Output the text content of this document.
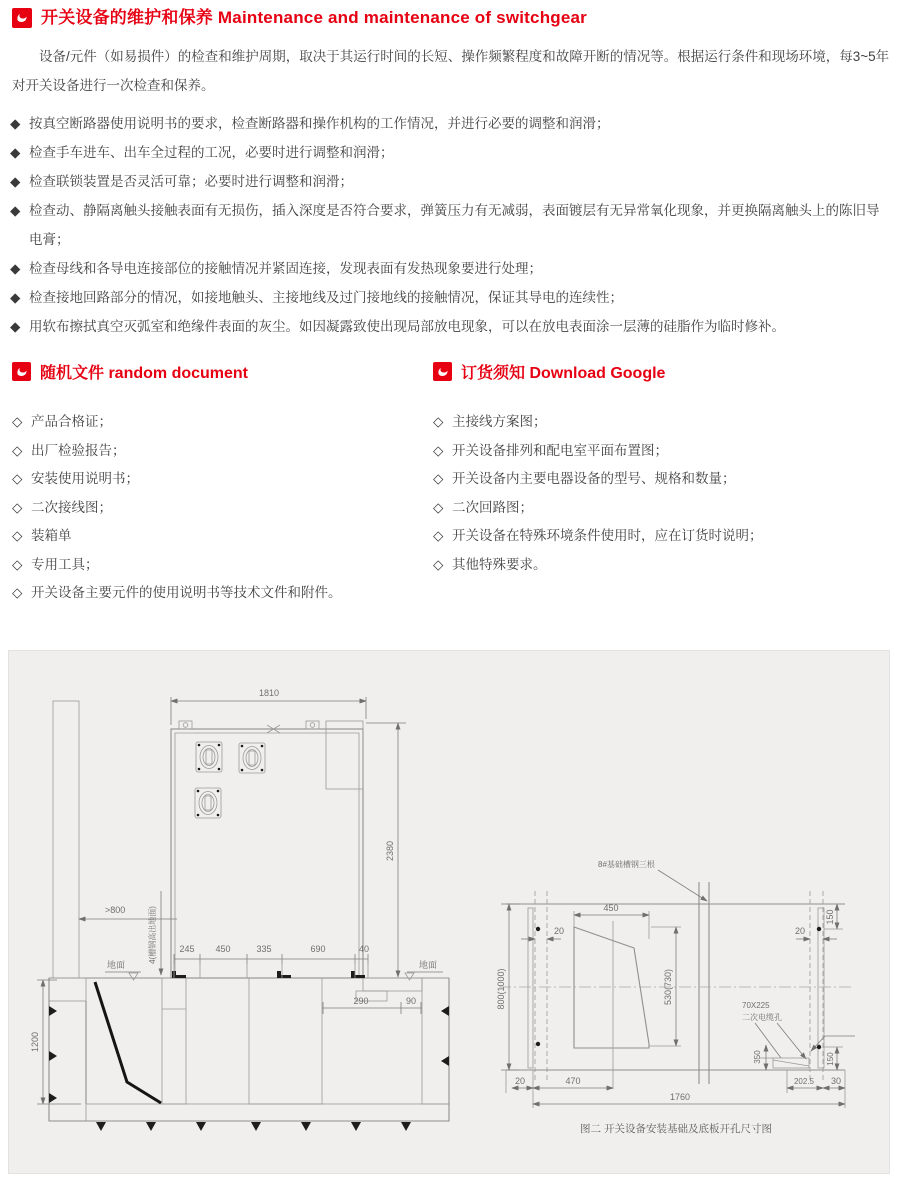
开关设备的维护和保养 Maintenance and maintenance of switchgear

设备/元件（如易损件）的检查和维护周期，取决于其运行时间的长短、操作频繁程度和故障开断的情况等。根据运行条件和现场环境，每3~5年对开关设备进行一次检查和保养。

◆ 按真空断路器使用说明书的要求，检查断路器和操作机构的工作情况，并进行必要的调整和润滑；
◆ 检查手车进车、出车全过程的工况，必要时进行调整和润滑；
◆ 检查联锁装置是否灵活可靠；必要时进行调整和润滑；
◆ 检查动、静隔离触头接触表面有无损伤，插入深度是否符合要求，弹簧压力有无减弱，表面镀层有无异常氧化现象，并更换隔离触头上的陈旧导电膏；
◆ 检查母线和各导电连接部位的接触情况并紧固连接，发现表面有发热现象要进行处理；
◆ 检查接地回路部分的情况，如接地触头、主接地线及过门接地线的接触情况，保证其导电的连续性；
◆ 用软布擦拭真空灭弧室和绝缘件表面的灰尘。如因凝露致使出现局部放电现象，可以在放电表面涂一层薄的硅脂作为临时修补。
随机文件 random document
◇ 产品合格证；
◇ 出厂检验报告；
◇ 安装使用说明书；
◇ 二次接线图；
◇ 装箱单
◇ 专用工具；
◇ 开关设备主要元件的使用说明书等技术文件和附件。
订货须知 Download Google
◇ 主接线方案图；
◇ 开关设备排列和配电室平面布置图；
◇ 开关设备内主要电器设备的型号、规格和数量；
◇ 二次回路图；
◇ 开关设备在特殊环境条件使用时，应在订货时说明；
◇ 其他特殊要求。
1810
2380
>800	4(槽钢高出地面)
地面	地面
245 450	335	690	40
1200
290	90
8#基础槽钢三根
450
800(1000)	530(730)
20
150
20
70X225
二次电缆孔
350	150
20	470	202.5 30
1760
图二 开关设备安装基础及底板开孔尺寸图
